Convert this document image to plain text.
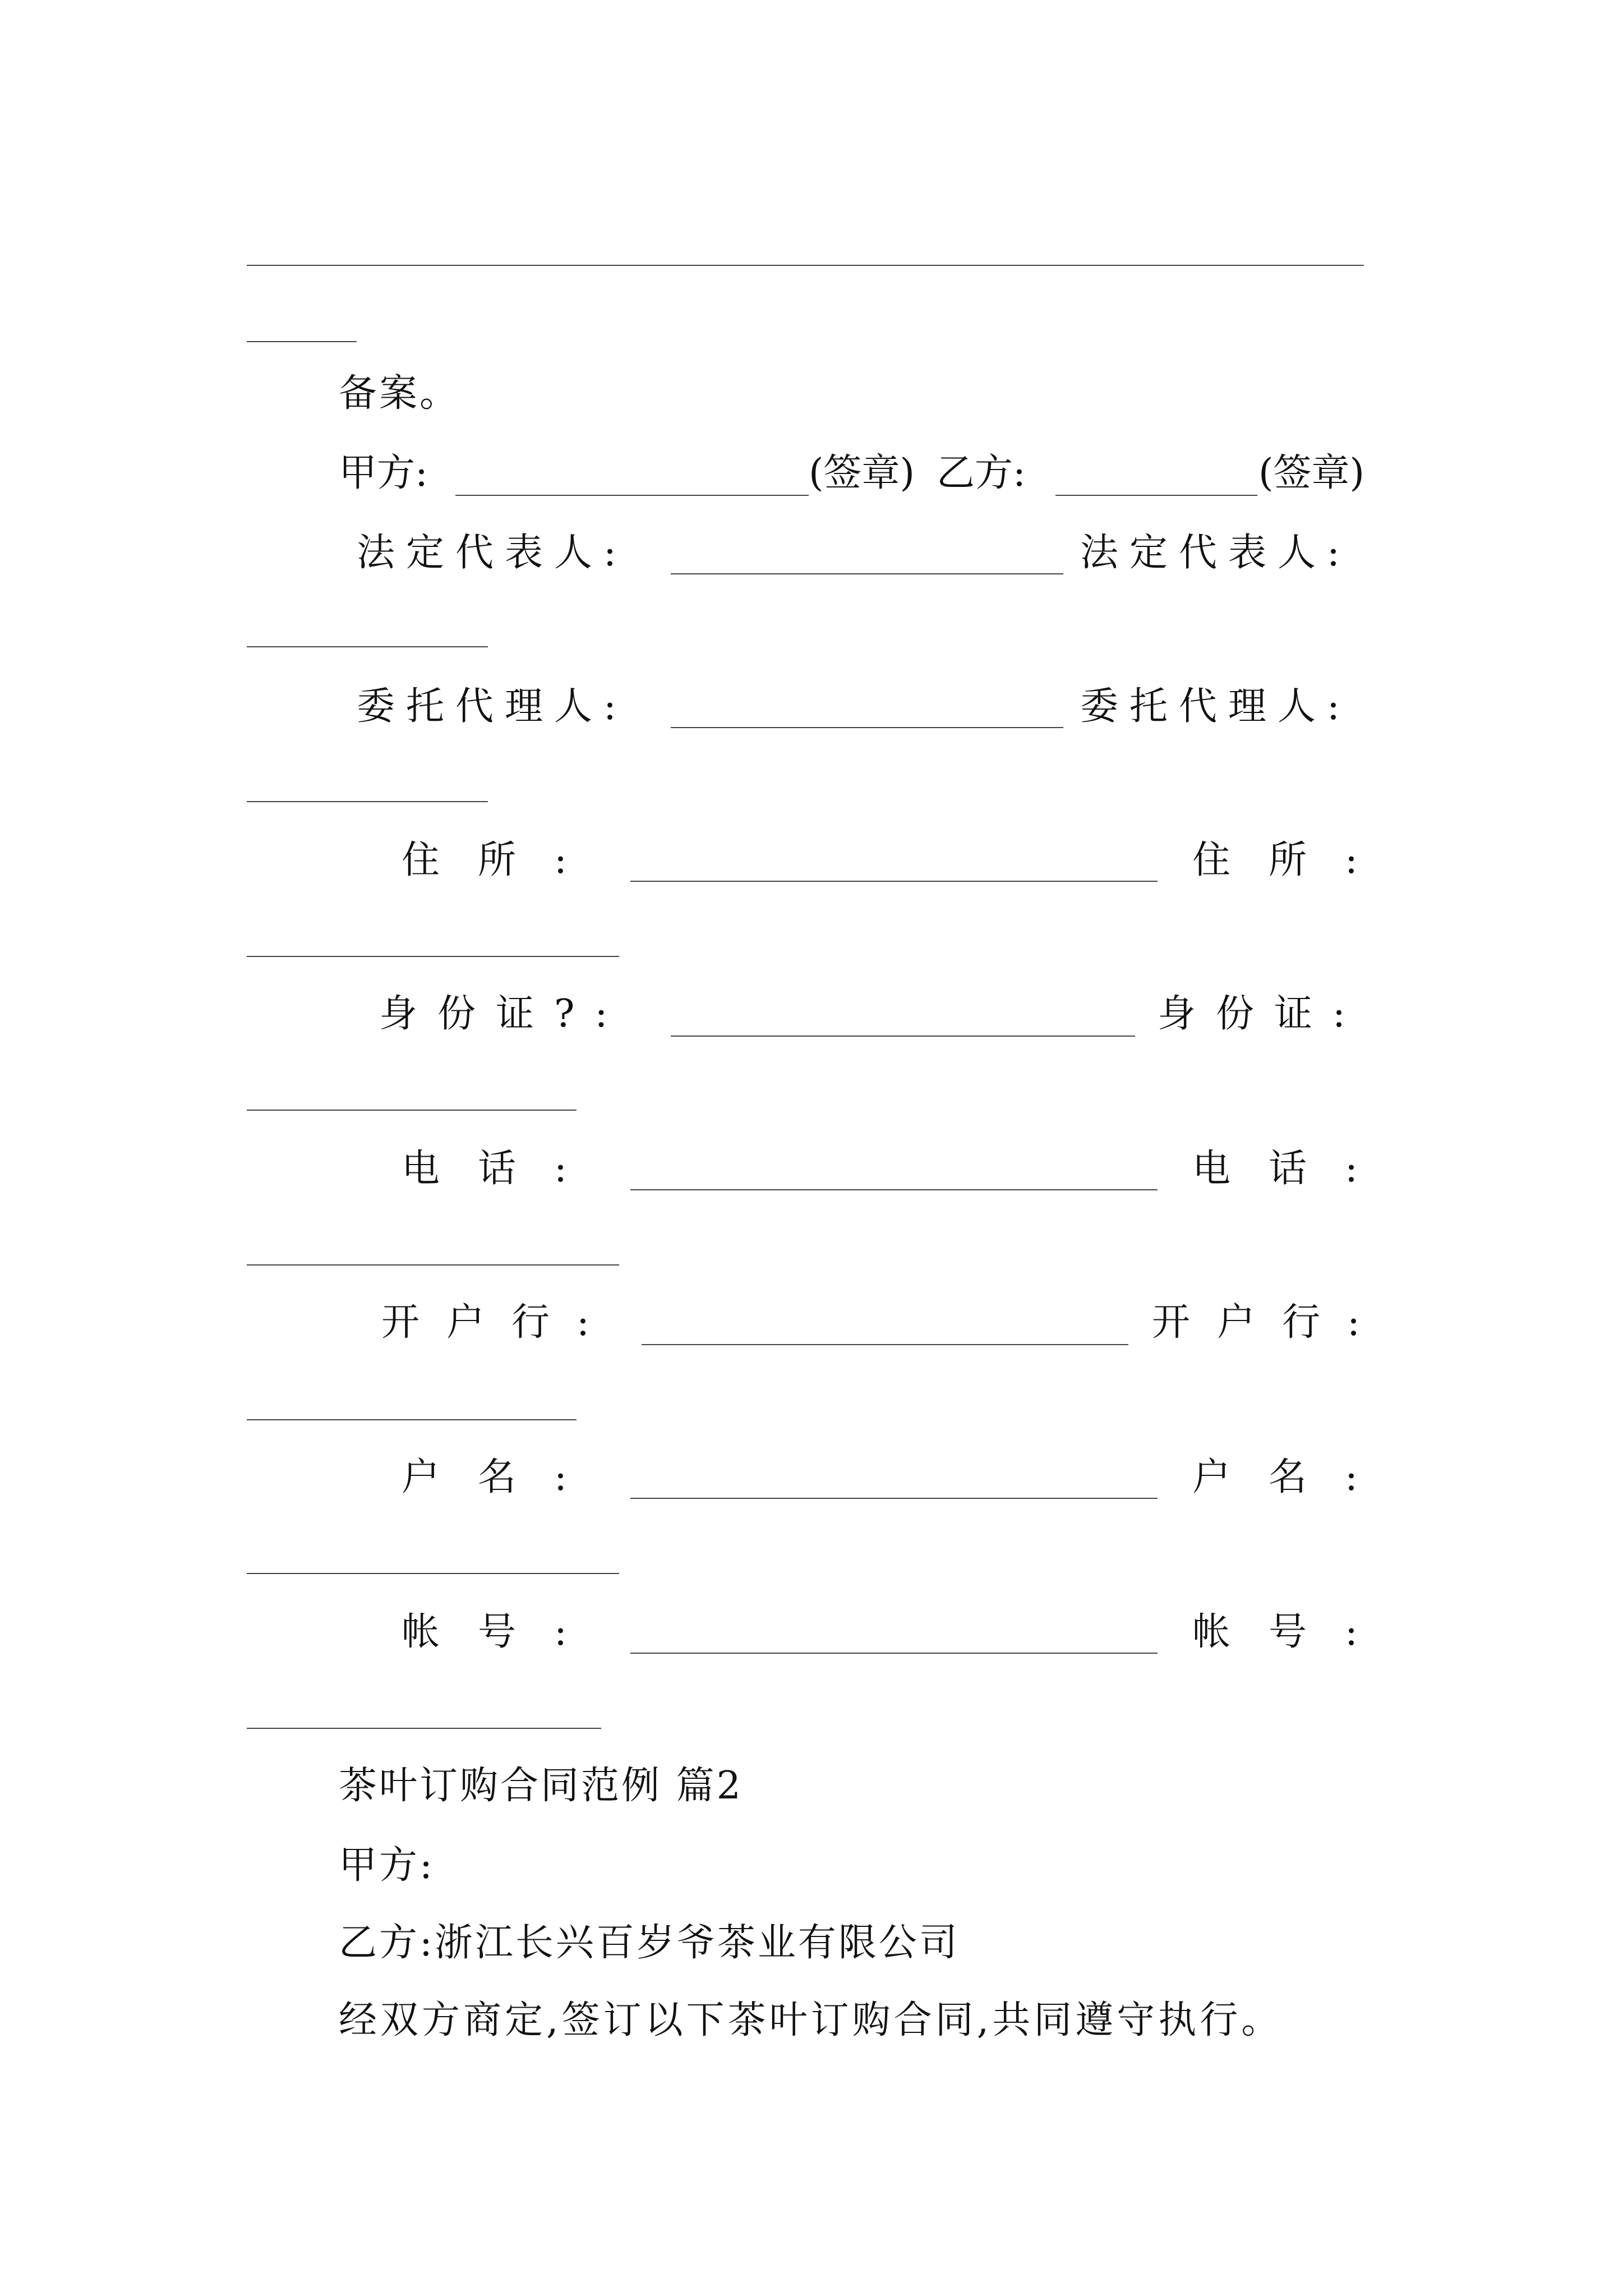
备案。
甲方:	(签章) 乙方:	(签章)
法定代表人:	法定代表人:
委托代理人:	委托代理人:
住所:	住所:
身份证?:	身份证:
电话:	电话:
开户行:	开户行:
户名:	户名:
帐号:	帐号:
茶叶订购合同范例 篇2
甲方:
乙方:浙江长兴百岁爷茶业有限公司
经双方商定,签订以下茶叶订购合同,共同遵守执行。
